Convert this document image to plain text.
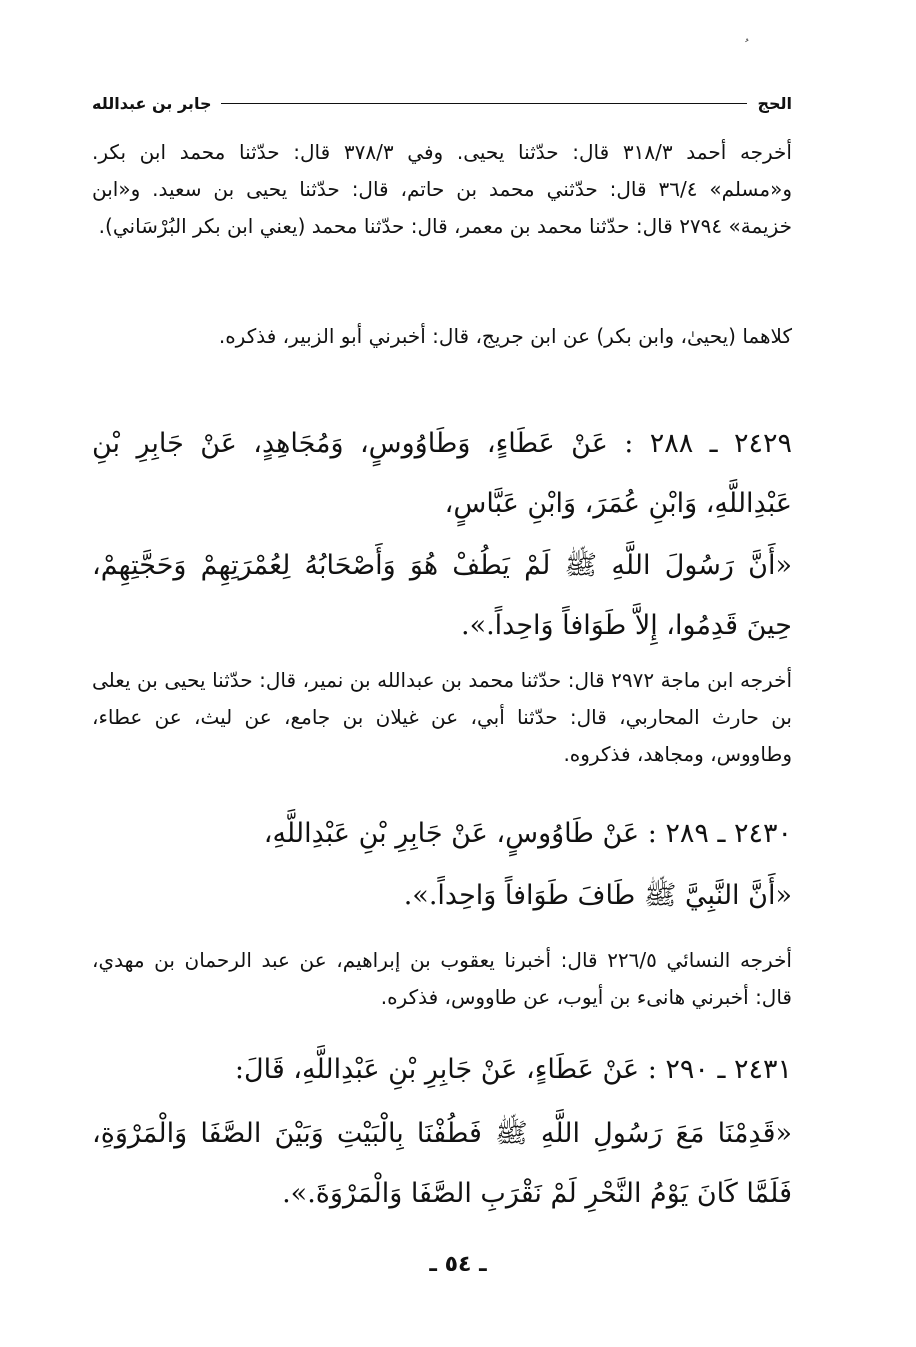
ﹸ
الحج
جابر بن عبدالله
أخرجه أحمد ٣١٨/٣ قال: حدّثنا يحيى. وفي ٣٧٨/٣ قال: حدّثنا محمد ابن بكر. و«مسلم» ٣٦/٤ قال: حدّثني محمد بن حاتم، قال: حدّثنا يحيى بن سعيد. و«ابن خزيمة» ٢٧٩٤ قال: حدّثنا محمد بن معمر، قال: حدّثنا محمد (يعني ابن بكر البُرْسَاني).
كلاهما (يحيىٰ، وابن بكر) عن ابن جريج، قال: أخبرني أبو الزبير، فذكره.
٢٤٢٩ ـ ٢٨٨ : عَنْ عَطَاءٍ، وَطَاوُوسٍ، وَمُجَاهِدٍ، عَنْ جَابِرِ بْنِ عَبْدِاللَّهِ، وَابْنِ عُمَرَ، وَابْنِ عَبَّاسٍ،
«أَنَّ رَسُولَ اللَّهِ ﷺ لَمْ يَطُفْ هُوَ وَأَصْحَابُهُ لِعُمْرَتِهِمْ وَحَجَّتِهِمْ، حِينَ قَدِمُوا، إِلاَّ طَوَافاً وَاحِداً.».
أخرجه ابن ماجة ٢٩٧٢ قال: حدّثنا محمد بن عبدالله بن نمير، قال: حدّثنا يحيى بن يعلى بن حارث المحاربي، قال: حدّثنا أبي، عن غيلان بن جامع، عن ليث، عن عطاء، وطاووس، ومجاهد، فذكروه.
٢٤٣٠ ـ ٢٨٩ : عَنْ طَاوُوسٍ، عَنْ جَابِرِ بْنِ عَبْدِاللَّهِ،
«أَنَّ النَّبِيَّ ﷺ طَافَ طَوَافاً وَاحِداً.».
أخرجه النسائي ٢٢٦/٥ قال: أخبرنا يعقوب بن إبراهيم، عن عبد الرحمان بن مهدي، قال: أخبرني هانىء بن أيوب، عن طاووس، فذكره.
٢٤٣١ ـ ٢٩٠ : عَنْ عَطَاءٍ، عَنْ جَابِرِ بْنِ عَبْدِاللَّهِ، قَالَ:
«قَدِمْنَا مَعَ رَسُولِ اللَّهِ ﷺ فَطُفْنَا بِالْبَيْتِ وَبَيْنَ الصَّفَا وَالْمَرْوَةِ، فَلَمَّا كَانَ يَوْمُ النَّحْرِ لَمْ نَقْرَبِ الصَّفَا وَالْمَرْوَةَ.».
ـ ٥٤ ـ
